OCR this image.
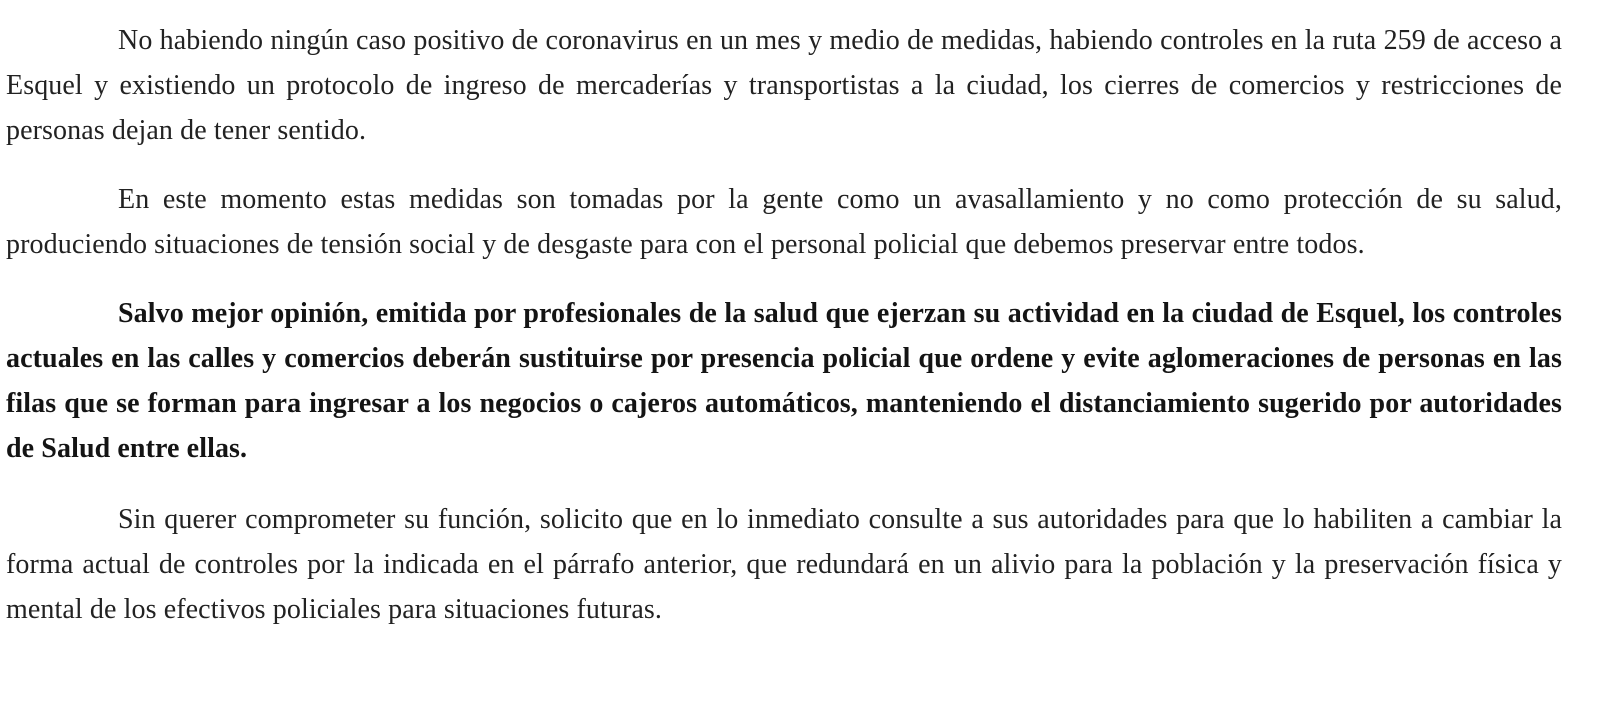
No habiendo ningún caso positivo de coronavirus en un mes y medio de medidas, habiendo controles en la ruta 259 de acceso a Esquel y existiendo un protocolo de ingreso de mercaderías y transportistas a la ciudad, los cierres de comercios y restricciones de personas dejan de tener sentido.

En este momento estas medidas son tomadas por la gente como un avasallamiento y no como protección de su salud, produciendo situaciones de tensión social y de desgaste para con el personal policial que debemos preservar entre todos.

Salvo mejor opinión, emitida por profesionales de la salud que ejerzan su actividad en la ciudad de Esquel, los controles actuales en las calles y comercios deberán sustituirse por presencia policial que ordene y evite aglomeraciones de personas en las filas que se forman para ingresar a los negocios o cajeros automáticos, manteniendo el distanciamiento sugerido por autoridades de Salud entre ellas.

Sin querer comprometer su función, solicito que en lo inmediato consulte a sus autoridades para que lo habiliten a cambiar la forma actual de controles por la indicada en el párrafo anterior, que redundará en un alivio para la población y la preservación física y mental de los efectivos policiales para situaciones futuras.
